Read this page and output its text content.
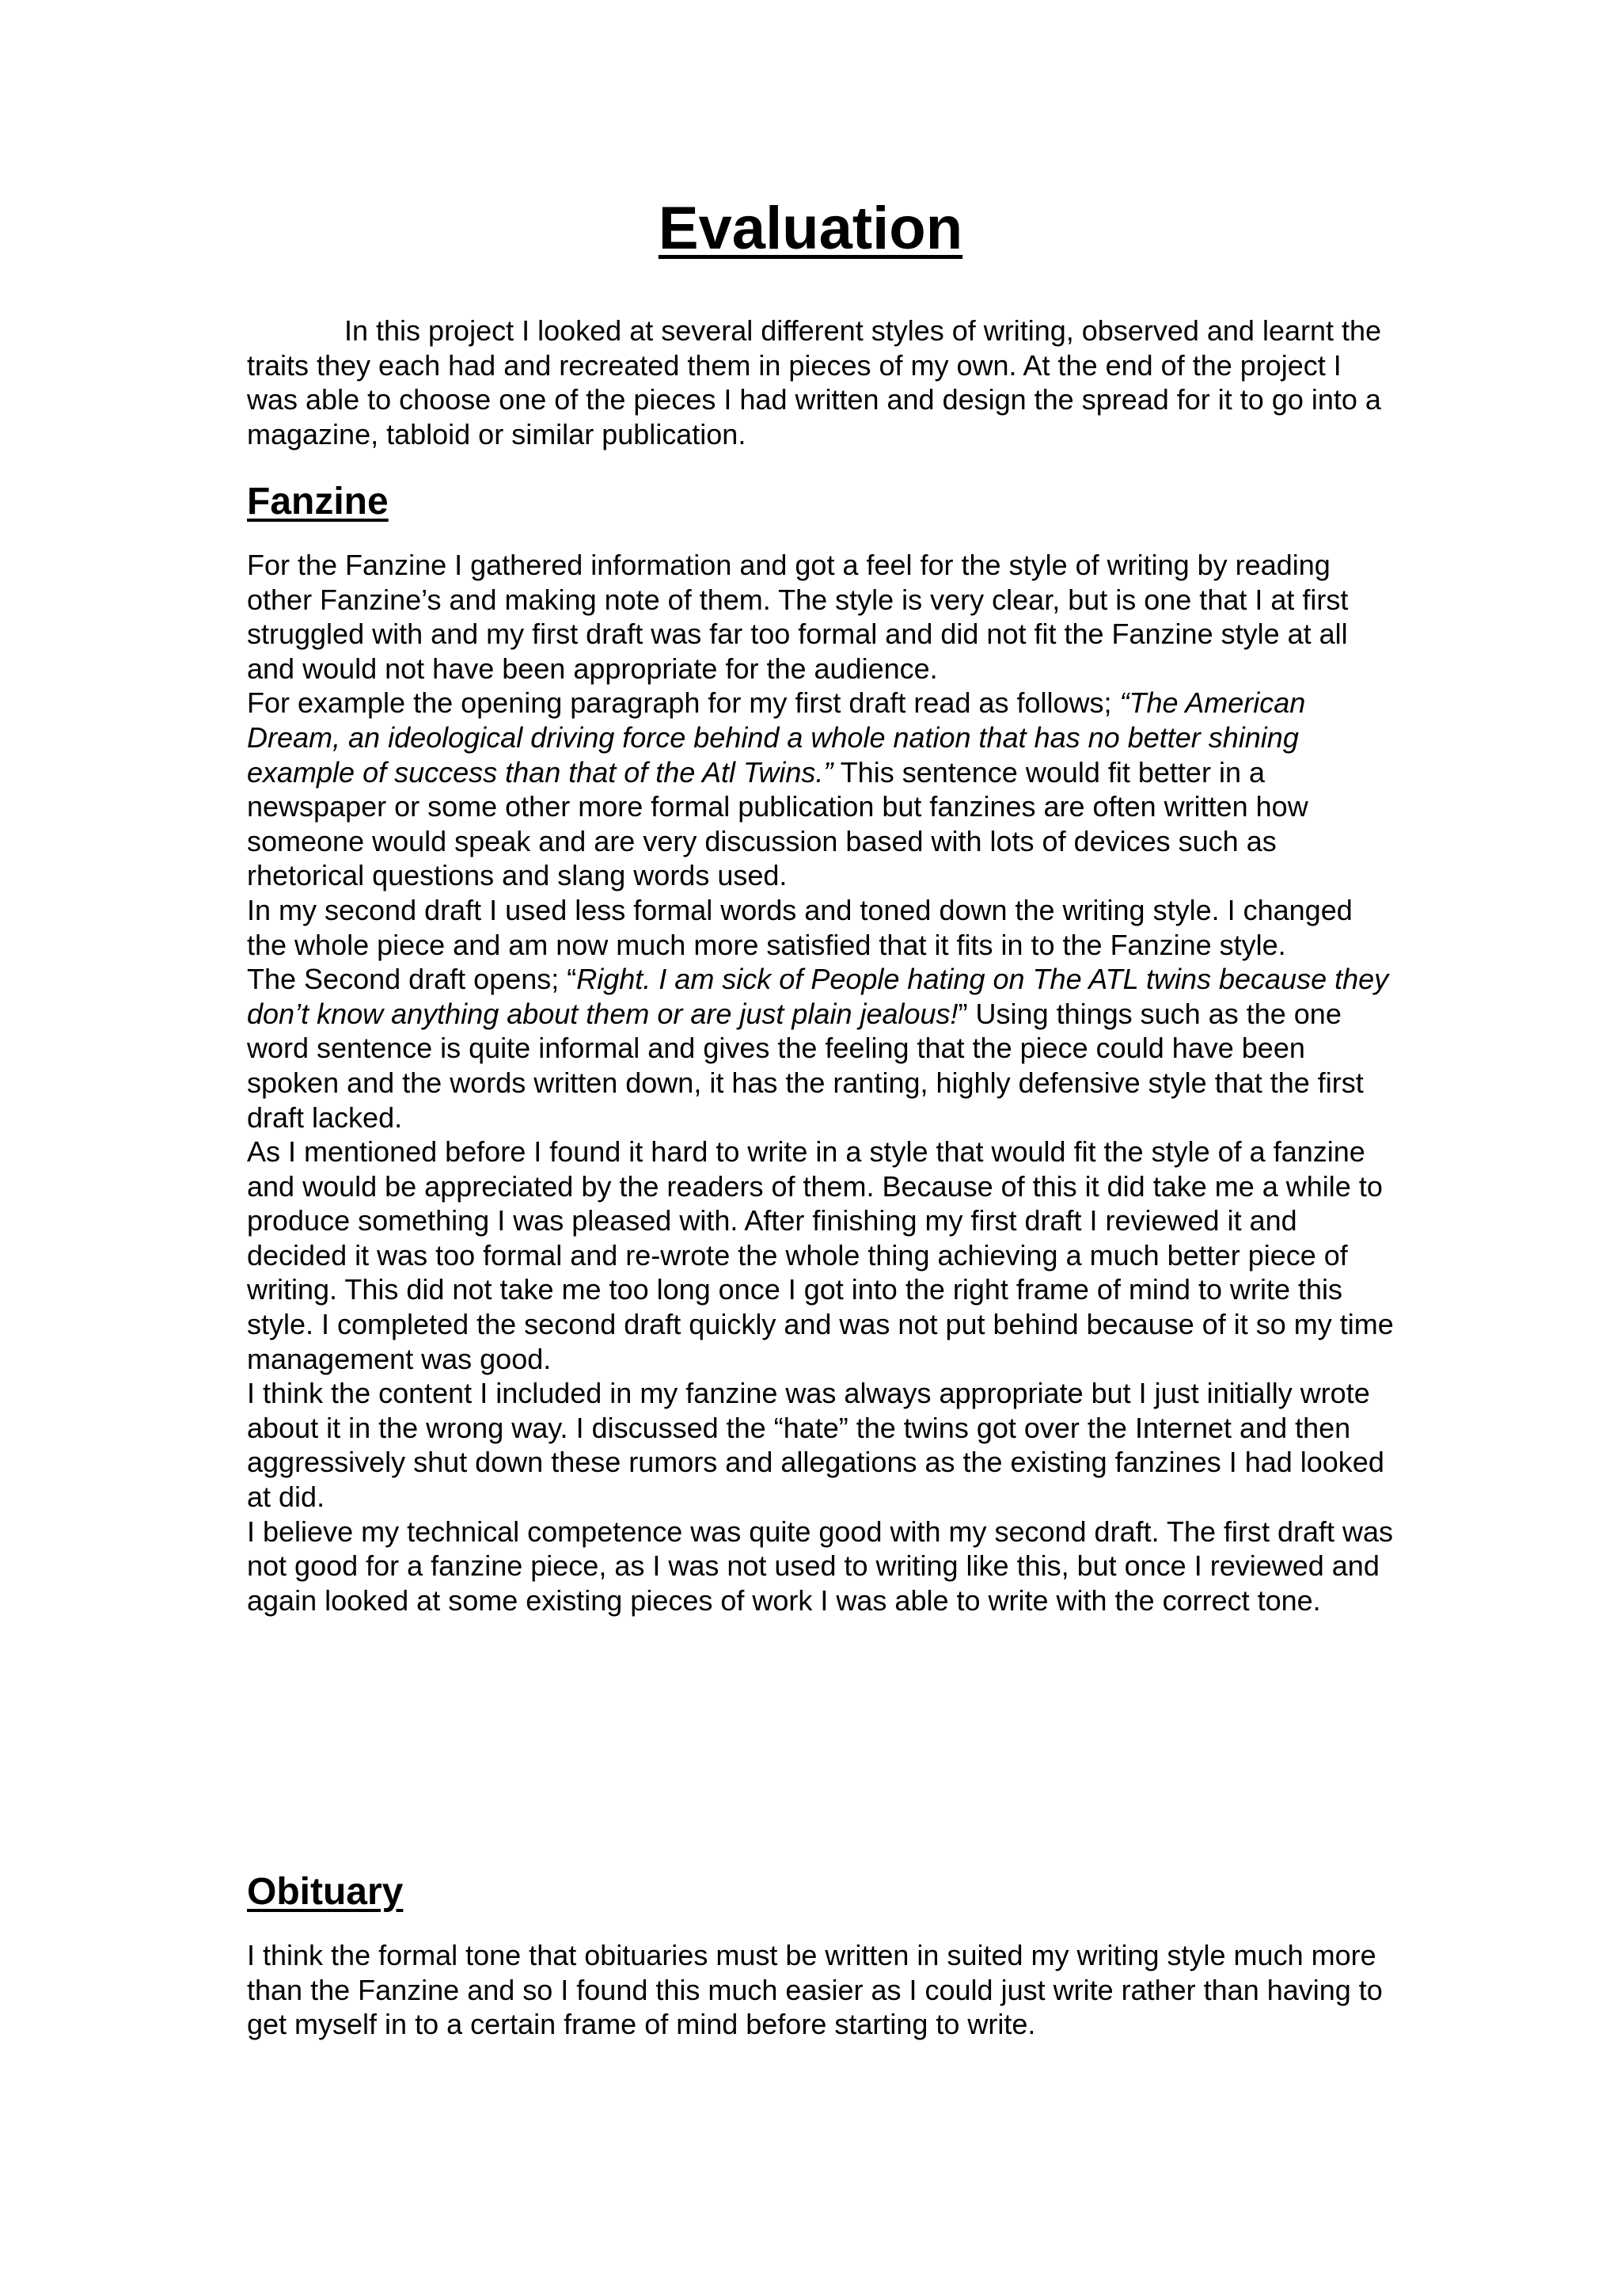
Evaluation

In this project I looked at several different styles of writing, observed and learnt the traits they each had and recreated them in pieces of my own. At the end of the project I was able to choose one of the pieces I had written and design the spread for it to go into a magazine, tabloid or similar publication.

Fanzine

For the Fanzine I gathered information and got a feel for the style of writing by reading other Fanzine’s and making note of them. The style is very clear, but is one that I at first struggled with and my first draft was far too formal and did not fit the Fanzine style at all and would not have been appropriate for the audience.

For example the opening paragraph for my first draft read as follows; “The American Dream, an ideological driving force behind a whole nation that has no better shining example of success than that of the Atl Twins.” This sentence would fit better in a newspaper or some other more formal publication but fanzines are often written how someone would speak and are very discussion based with lots of devices such as rhetorical questions and slang words used.

In my second draft I used less formal words and toned down the writing style. I changed the whole piece and am now much more satisfied that it fits in to the Fanzine style.

The Second draft opens; “Right. I am sick of People hating on The ATL twins because they don’t know anything about them or are just plain jealous!” Using things such as the one word sentence is quite informal and gives the feeling that the piece could have been spoken and the words written down, it has the ranting, highly defensive style that the first draft lacked.

As I mentioned before I found it hard to write in a style that would fit the style of a fanzine and would be appreciated by the readers of them. Because of this it did take me a while to produce something I was pleased with. After finishing my first draft I reviewed it and decided it was too formal and re-wrote the whole thing achieving a much better piece of writing. This did not take me too long once I got into the right frame of mind to write this style. I completed the second draft quickly and was not put behind because of it so my time management was good.

I think the content I included in my fanzine was always appropriate but I just initially wrote about it in the wrong way. I discussed the “hate” the twins got over the Internet and then aggressively shut down these rumors and allegations as the existing fanzines I had looked at did.

I believe my technical competence was quite good with my second draft. The first draft was not good for a fanzine piece, as I was not used to writing like this, but once I reviewed and again looked at some existing pieces of work I was able to write with the correct tone.

Obituary

I think the formal tone that obituaries must be written in suited my writing style much more than the Fanzine and so I found this much easier as I could just write rather than having to get myself in to a certain frame of mind before starting to write.
